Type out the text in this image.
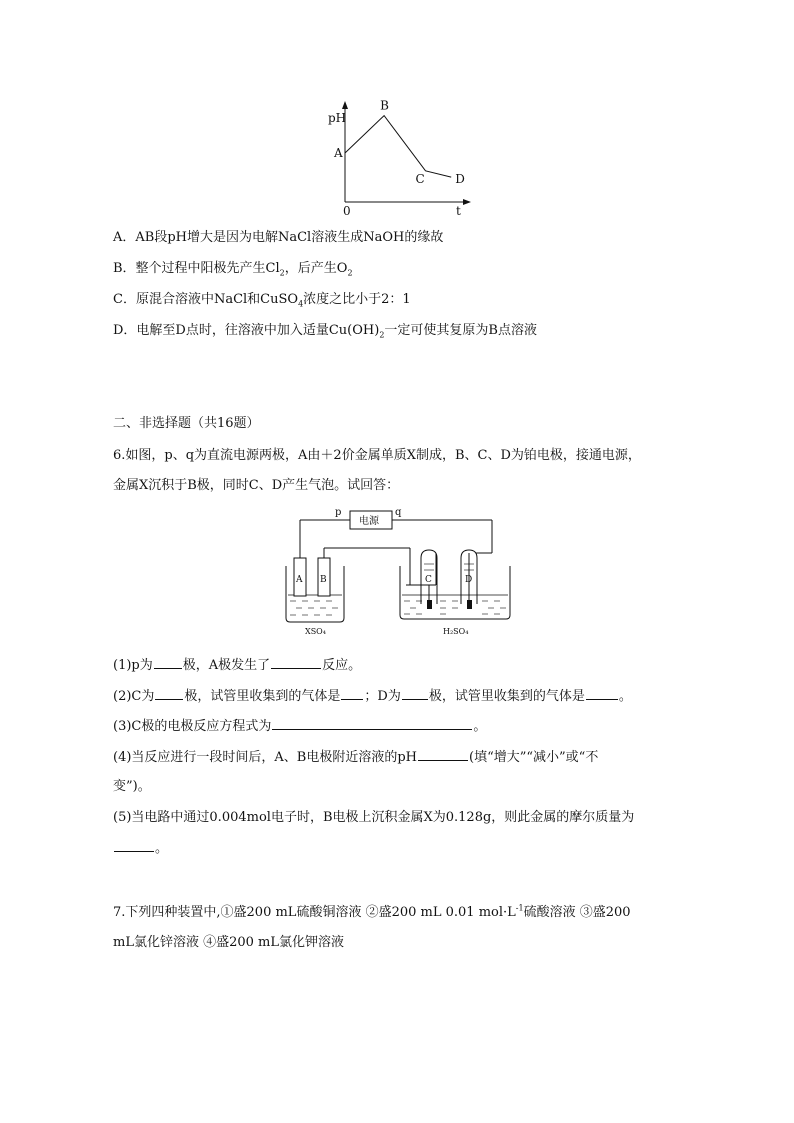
pH
t
0
A
B
C	D
A．AB段pH增大是因为电解NaCl溶液生成NaOH的缘故
B．整个过程中阳极先产生$Cl_2$，后产生$O_2$
C．原混合溶液中NaCl和CuSO$_4$浓度之比小于2：1
D．电解至D点时，往溶液中加入适量$Cu(OH)_2$一定可使其复原为B点溶液
二、非选择题（共16题）
6.如图，p、q为直流电源两极，A由＋2价金属单质X制成，B、C、D为铂电极，接通电源，
金属X沉积于B极，同时C、D产生气泡。试回答：
电源
p	q
A B
XSO₄
C	D
H₂SO₄
(1)p为 极，A极发生了	反应。
(2)C为 极，试管里收集到的气体是 ；D为 极，试管里收集到的气体是	。
(3)C极的电极反应方程式为	。
(4)当反应进行一段时间后，A、B电极附近溶液的pH	(填“增大”“减小”或“不
变”)。
(5)当电路中通过0.004mol电子时，B电极上沉积金属X为0.128g，则此金属的摩尔质量为
。
7.下列四种装置中,①盛200 mL硫酸铜溶液 ②盛200 mL 0.01 $mol\cdot L^{-1}$硫酸溶液 ③盛200
mL氯化锌溶液 ④盛200 mL氯化钾溶液
